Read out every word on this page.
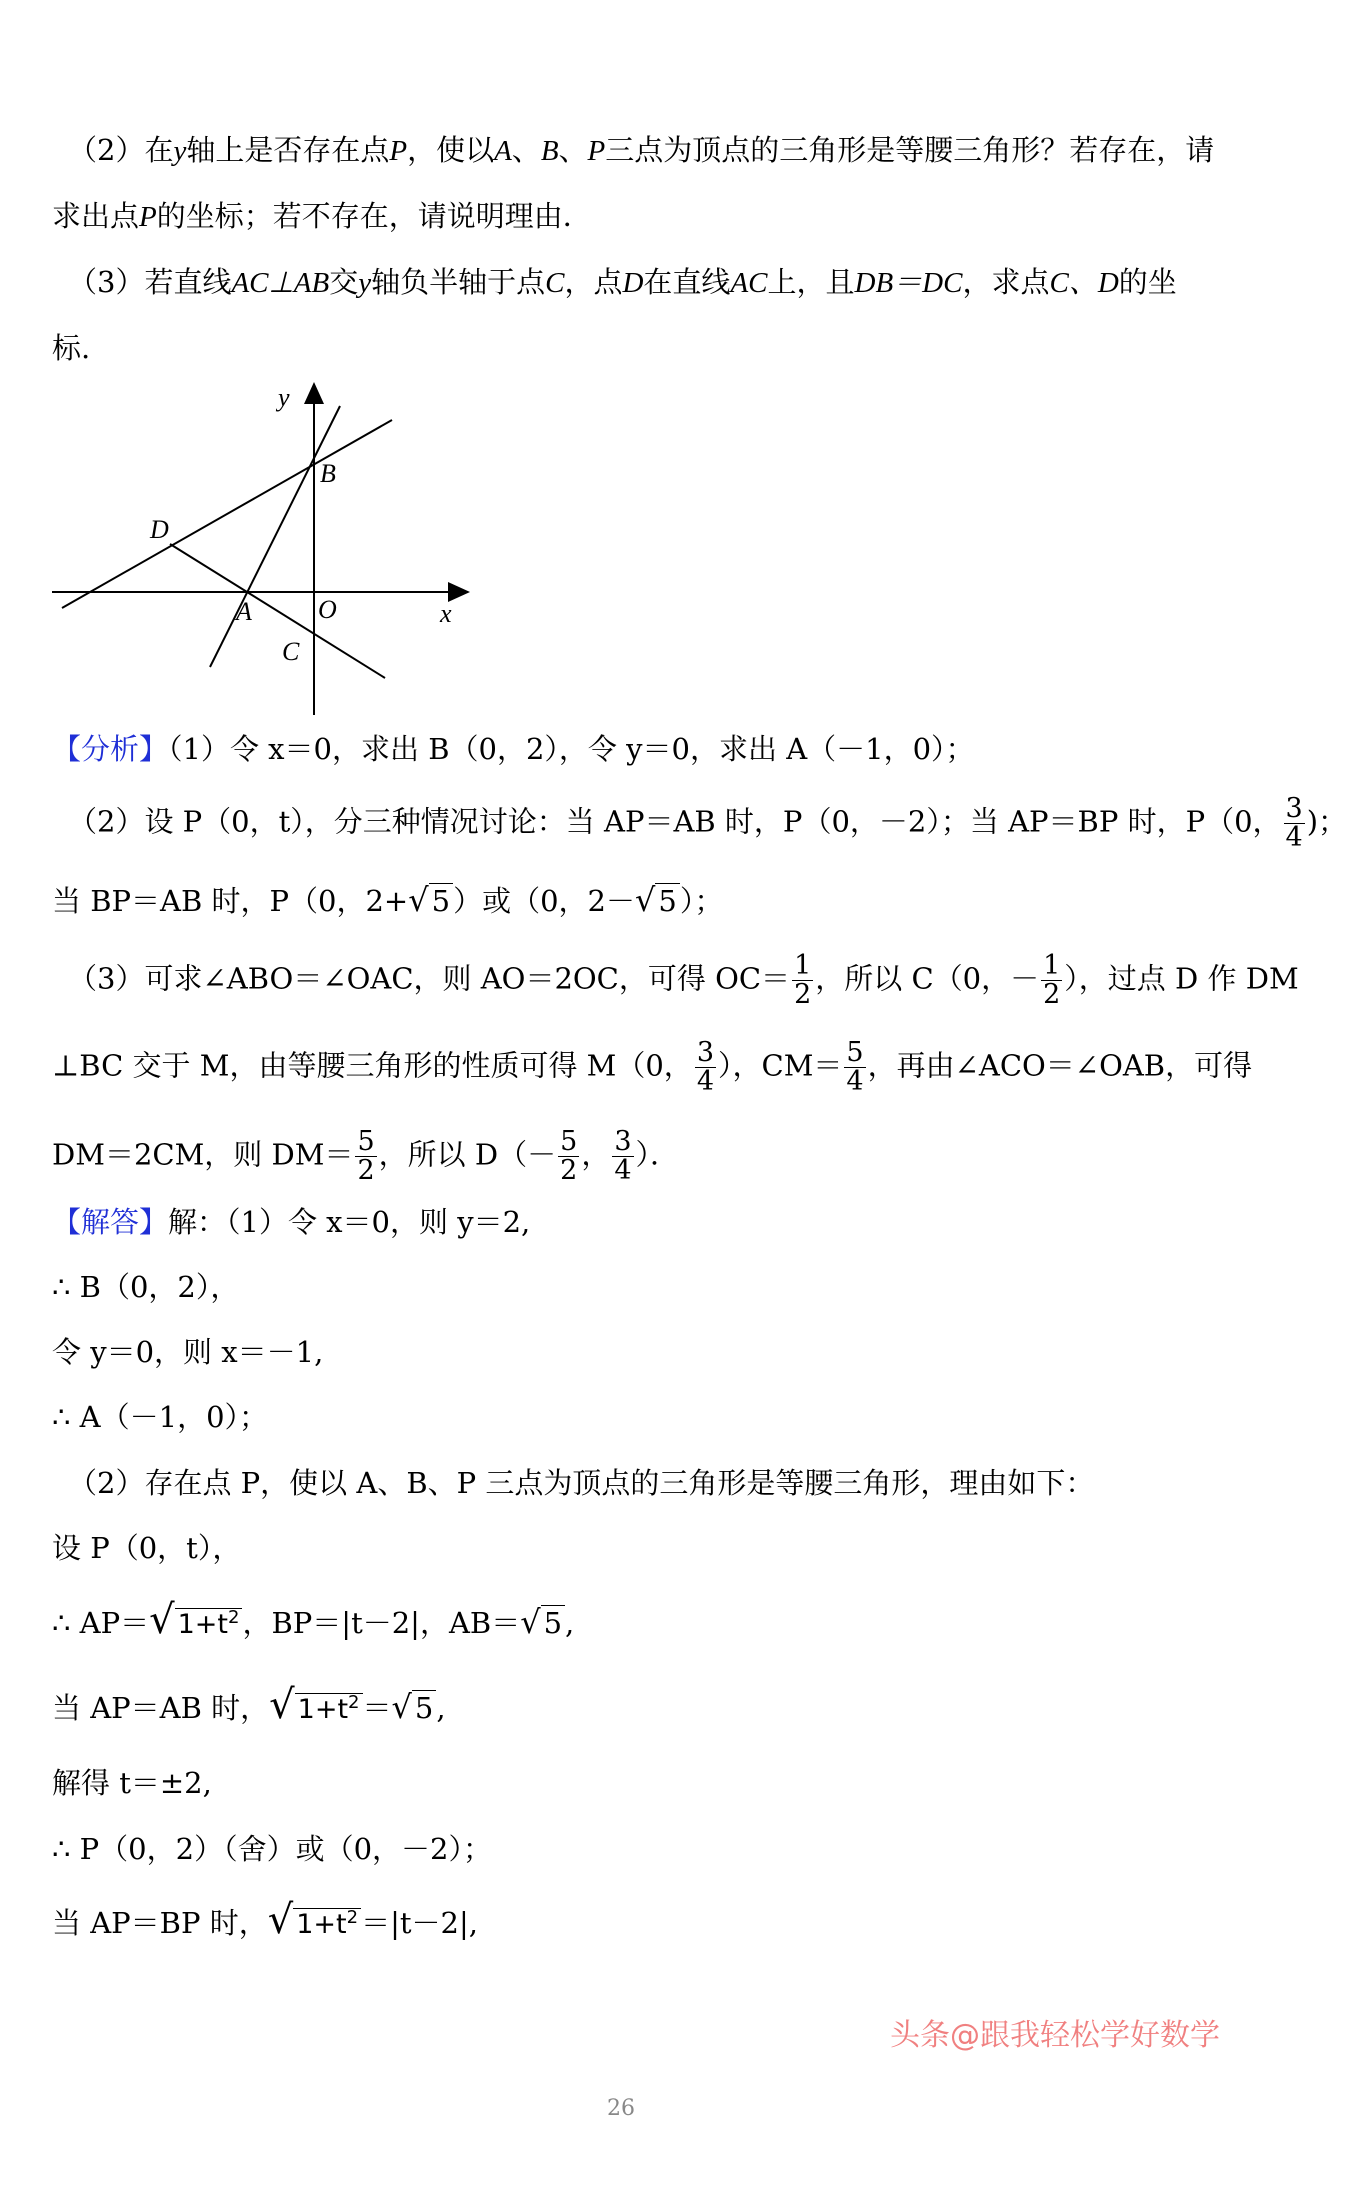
（2）在y轴上是否存在点P，使以A、B、P三点为顶点的三角形是等腰三角形？若存在，请
求出点P的坐标；若不存在，请说明理由．
（3）若直线AC⊥AB交y轴负半轴于点C，点D在直线AC上，且DB＝DC，求点C、D的坐
标.
y
x
B
D
A	O
C
【分析】（1）令 x＝0，求出 B（0，2），令 y＝0，求出 A（－1，0）；
（2）设 P（0，t），分三种情况讨论：当 AP＝AB 时，P（0，－2）；当 AP＝BP 时，P（0， $\frac{3}{4}$ )；
当 BP＝AB 时，P（0，2+√ 5 ）或（0，2－√ 5 ）；
（3）可求∠ABO＝∠OAC，则 AO＝2OC，可得 $OC= \frac{1}{2}$ ，所以 C（0，－ $\frac{1}{2}$ ），过点 D 作 DM
⊥BC 交于 M，由等腰三角形的性质可得 M（0， $\frac{3}{4}$ ），$CM= \frac{5}{4}$ ，再由∠ACO＝∠OAB，可得
DM＝2CM，则 $DM= \frac{5}{2}$ ，所以 $D(- \frac{5}{2}$ ， $\frac{3}{4}$ ）．
【解答】解：（1）令 x＝0，则 y＝2,
∴ B（0，2），
令 y＝0，则 x＝－1,
∴ A（－1，0）；
（2）存在点 P，使以 A、B、P 三点为顶点的三角形是等腰三角形，理由如下：
设 P（0，t），
∴ AP＝√ $1+t^2$ ，BP＝|t－2|，AB＝√ 5 ,
当 AP＝AB 时，√ $1+t^2$ ＝√ 5 ,
解得 t＝±2,
∴ P（0，2）（舍）或（0，－2）；
当 AP＝BP 时，√ $1+t^2 =|t-2|$,
头条@跟我轻松学好数学
26
